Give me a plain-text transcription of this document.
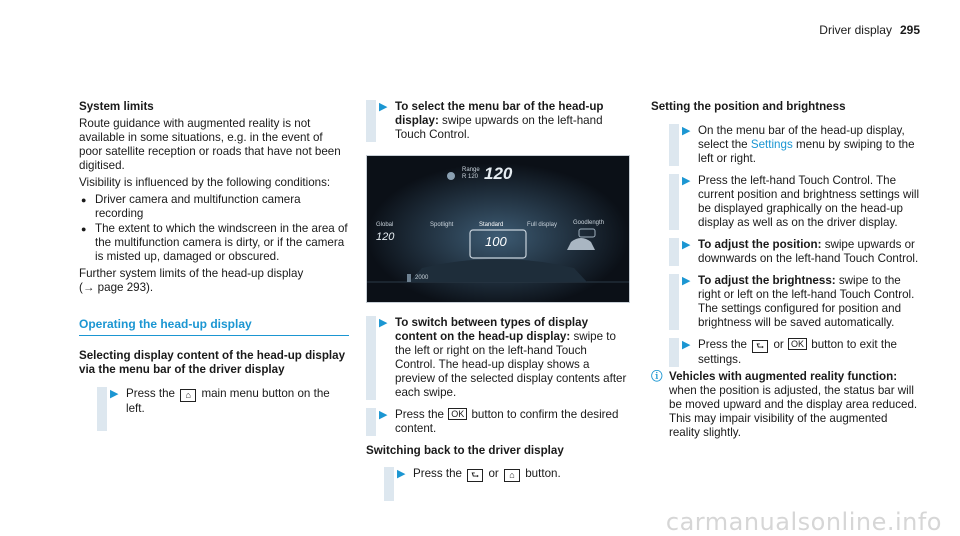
Driver display 295

System limits

Route guidance with augmented reality is not available in some situations, e.g. in the event of poor satellite reception or roads that have not been digitised.

Visibility is influenced by the following conditions:

● Driver camera and multifunction camera recording
● The extent to which the windscreen in the area of the multifunction camera is dirty, or if the camera is misted up, damaged or obscured.

Further system limits of the head-up display
(→ page 293).

Operating the head-up display

Selecting display content of the head-up display via the menu bar of the driver display

▶ Press the ⌂ main menu button on the left.
▶ To select the menu bar of the head-up display: swipe upwards on the left-hand Touch Control.
Range
R 120 120
Global
120
Spotlight	Standard	Full display	Goodlength
100
2000
▶ To switch between types of display content on the head-up display: swipe to the left or right on the left-hand Touch Control. The head-up display shows a preview of the selected display contents after each swipe.
▶ Press the OK button to confirm the desired content.

Switching back to the driver display

▶ Press the ⮑ or ⌂ button.

Setting the position and brightness

▶ On the menu bar of the head-up display, select the Settings menu by swiping to the left or right.
▶ Press the left-hand Touch Control. The current position and brightness settings will be displayed graphically on the head-up display as well as on the driver display.
▶ To adjust the position: swipe upwards or downwards on the left-hand Touch Control.
▶ To adjust the brightness: swipe to the right or left on the left-hand Touch Control. The settings configured for position and brightness will be saved automatically.
▶ Press the ⮑ or OK button to exit the settings.
ⓘ Vehicles with augmented reality function: when the position is adjusted, the status bar will be moved upward and the display area reduced. This may impair visibility of the augmented reality slightly.
carmanualsonline.info
